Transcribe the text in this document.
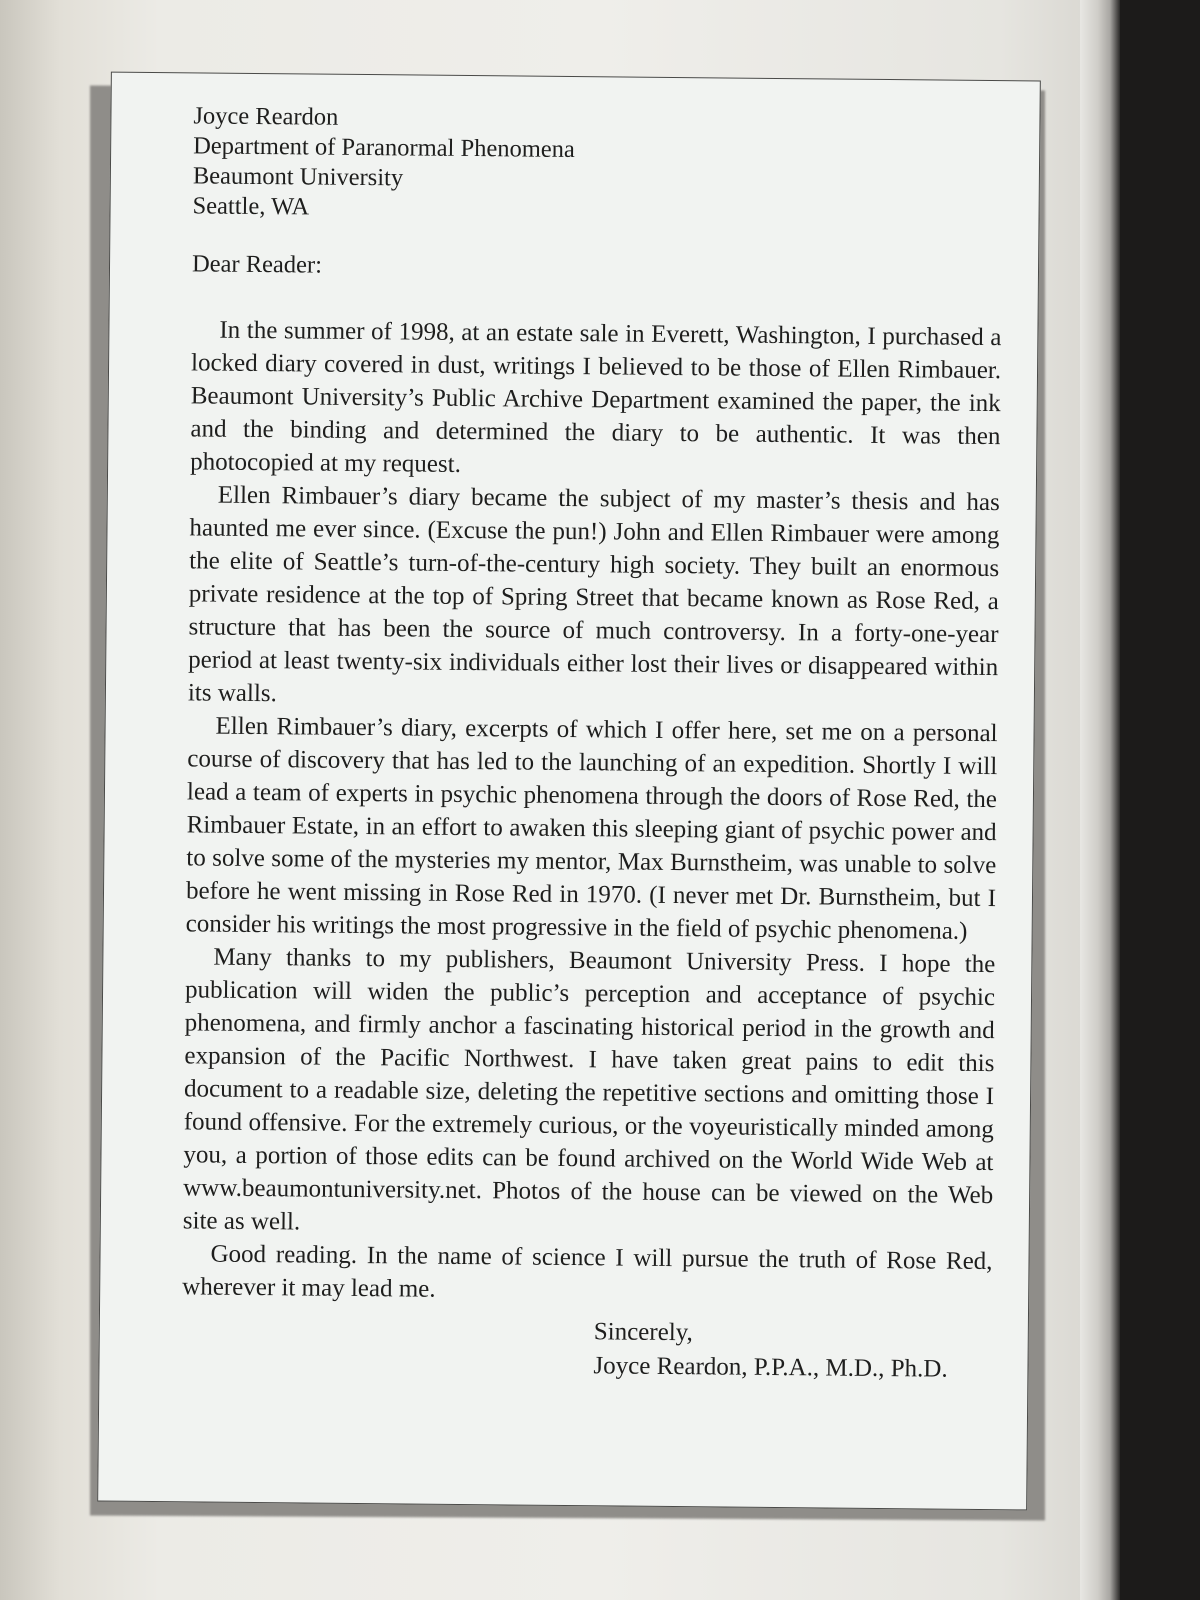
Joyce Reardon
Department of Paranormal Phenomena
Beaumont University
Seattle, WA
Dear Reader:

In the summer of 1998, at an estate sale in Everett, Washington, I purchased a locked diary covered in dust, writings I believed to be those of Ellen Rimbauer. Beaumont University’s Public Archive Department examined the paper, the ink and the binding and determined the diary to be authentic. It was then photocopied at my request.

Ellen Rimbauer’s diary became the subject of my master’s thesis and has haunted me ever since. (Excuse the pun!) John and Ellen Rimbauer were among the elite of Seattle’s turn-of-the-century high society. They built an enormous private residence at the top of Spring Street that became known as Rose Red, a structure that has been the source of much controversy. In a forty-one-year period at least twenty-six individuals either lost their lives or disappeared within its walls.

Ellen Rimbauer’s diary, excerpts of which I offer here, set me on a personal course of discovery that has led to the launching of an expedition. Shortly I will lead a team of experts in psychic phenomena through the doors of Rose Red, the Rimbauer Estate, in an effort to awaken this sleeping giant of psychic power and to solve some of the mysteries my mentor, Max Burnstheim, was unable to solve before he went missing in Rose Red in 1970. (I never met Dr. Burnstheim, but I consider his writings the most progressive in the field of psychic phenomena.)

Many thanks to my publishers, Beaumont University Press. I hope the publication will widen the public’s perception and acceptance of psychic phenomena, and firmly anchor a fascinating historical period in the growth and expansion of the Pacific Northwest. I have taken great pains to edit this document to a readable size, deleting the repetitive sections and omitting those I found offensive. For the extremely curious, or the voyeuristically minded among you, a portion of those edits can be found archived on the World Wide Web at www.beaumontuniversity.net. Photos of the house can be viewed on the Web site as well.

Good reading. In the name of science I will pursue the truth of Rose Red, wherever it may lead me.

Sincerely,
Joyce Reardon, P.P.A., M.D., Ph.D.
